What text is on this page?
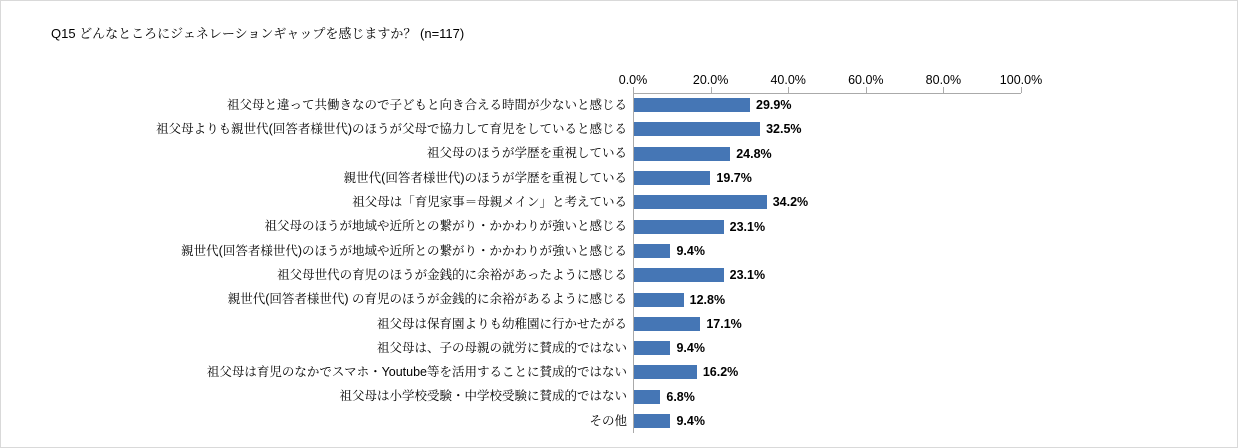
Q15 どんなところにジェネレーションギャップを感じますか？ (n=117)
祖父母と違って共働きなので子どもと向き合える時間が少ないと感じる	29.9%
祖父母よりも親世代(回答者様世代)のほうが父母で協力して育児をしていると感じる	32.5%
祖父母のほうが学歴を重視している	24.8%
親世代(回答者様世代)のほうが学歴を重視している	19.7%
祖父母は「育児家事＝母親メイン」と考えている	34.2%
祖父母のほうが地域や近所との繋がり・かかわりが強いと感じる	23.1%
親世代(回答者様世代)のほうが地域や近所との繋がり・かかわりが強いと感じる	9.4%
祖父母世代の育児のほうが金銭的に余裕があったように感じる	23.1%
親世代(回答者様世代) の育児のほうが金銭的に余裕があるように感じる	12.8%
祖父母は保育園よりも幼稚園に行かせたがる	17.1%
祖父母は、子の母親の就労に賛成的ではない	9.4%
祖父母は育児のなかでスマホ・Youtube等を活用することに賛成的ではない	16.2%
祖父母は小学校受験・中学校受験に賛成的ではない	6.8%
その他	9.4%
0.0%	20.0%	40.0%	60.0%	80.0%	100.0%
